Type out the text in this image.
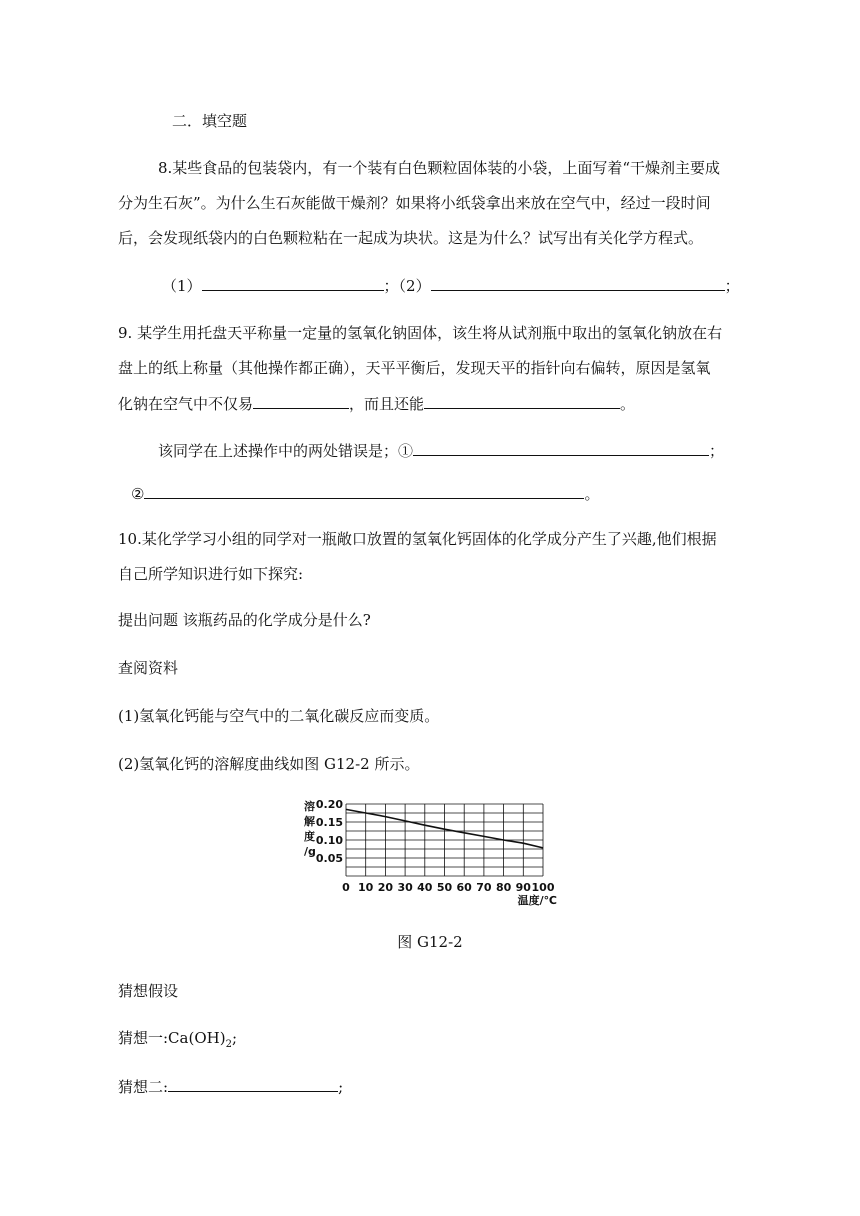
二．填空题
8.某些食品的包装袋内，有一个装有白色颗粒固体装的小袋，上面写着“干燥剂主要成
分为生石灰”。为什么生石灰能做干燥剂？如果将小纸袋拿出来放在空气中，经过一段时间
后，会发现纸袋内的白色颗粒粘在一起成为块状。这是为什么？试写出有关化学方程式。
（1）	；（2）	；
9. 某学生用托盘天平称量一定量的氢氧化钠固体，该生将从试剂瓶中取出的氢氧化钠放在右
盘上的纸上称量（其他操作都正确），天平平衡后，发现天平的指针向右偏转，原因是氢氧
化钠在空气中不仅易	，而且还能	。
该同学在上述操作中的两处错误是；①	；
②	。
10.某化学学习小组的同学对一瓶敞口放置的氢氧化钙固体的化学成分产生了兴趣,他们根据
自己所学知识进行如下探究:
提出问题 该瓶药品的化学成分是什么?
查阅资料
(1)氢氧化钙能与空气中的二氧化碳反应而变质。
(2)氢氧化钙的溶解度曲线如图 G12-2 所示。
0.20
0.15
0.10
0.05
0 10 20 30 40 50 60 70 80 90 100
溶
解
度
/g
温度/℃
图 G12-2
猜想假设
猜想一$:Ca(OH)_2$;
猜想二:	;
